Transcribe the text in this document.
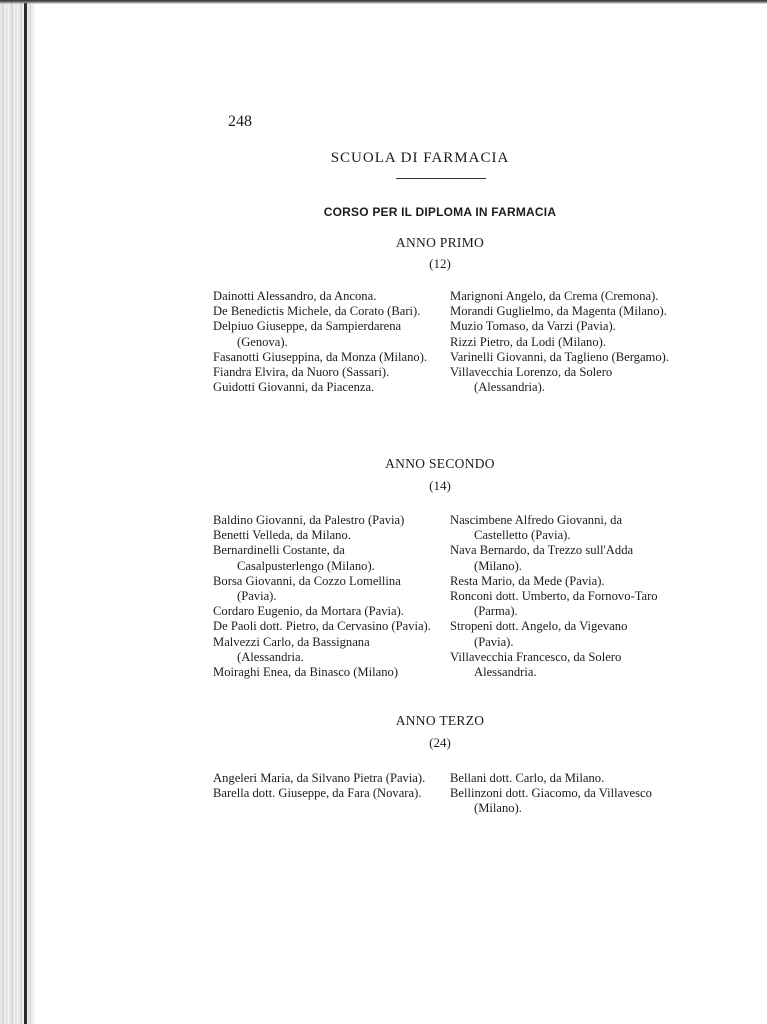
248
SCUOLA DI FARMACIA
CORSO PER IL DIPLOMA IN FARMACIA
ANNO PRIMO
(12)

Dainotti Alessandro, da Ancona.

De Benedictis Michele, da Corato (Bari).

Delpiuo Giuseppe, da Sampierdarena (Genova).

Fasanotti Giuseppina, da Monza (Milano).

Fiandra Elvira, da Nuoro (Sassari).

Guidotti Giovanni, da Piacenza.

Marignoni Angelo, da Crema (Cremona).

Morandi Guglielmo, da Magenta (Milano).

Muzio Tomaso, da Varzi (Pavia).

Rizzi Pietro, da Lodi (Milano).

Varinelli Giovanni, da Taglieno (Bergamo).

Villavecchia Lorenzo, da Solero (Alessandria).

ANNO SECONDO
(14)

Baldino Giovanni, da Palestro (Pavia)

Benetti Velleda, da Milano.

Bernardinelli Costante, da Casalpusterlengo (Milano).

Borsa Giovanni, da Cozzo Lomellina (Pavia).

Cordaro Eugenio, da Mortara (Pavia).

De Paoli dott. Pietro, da Cervasino (Pavia).

Malvezzi Carlo, da Bassignana (Alessandria.

Moiraghi Enea, da Binasco (Milano)

Nascimbene Alfredo Giovanni, da Castelletto (Pavia).

Nava Bernardo, da Trezzo sull'Adda (Milano).

Resta Mario, da Mede (Pavia).

Ronconi dott. Umberto, da Fornovo-Taro (Parma).

Stropeni dott. Angelo, da Vigevano (Pavia).

Villavecchia Francesco, da Solero Alessandria.

ANNO TERZO
(24)

Angeleri Maria, da Silvano Pietra (Pavia).

Barella dott. Giuseppe, da Fara (Novara).

Bellani dott. Carlo, da Milano.

Bellinzoni dott. Giacomo, da Villavesco (Milano).
